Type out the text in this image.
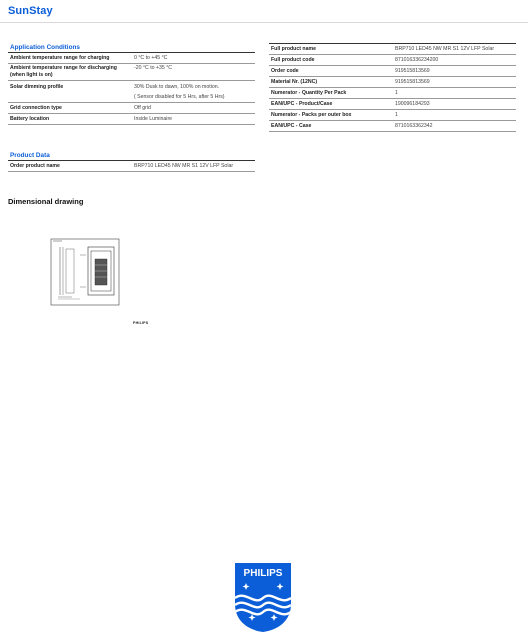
SunStay
Application Conditions
Ambient temperature range for charging	0 °C to +45 °C
Ambient temperature range for discharging (when light is on)
-20 °C to +35 °C
Solar dimming profile	30% Dusk to dawn, 100% on motion.
( Sensor disabled for 5 Hrs, after 5 Hrs)
Grid connection type	Off grid
Battery location	Inside Luminaire
Product Data
Order product name	BRP710 LED45 NW MR S1 12V LFP Solar
Full product name	BRP710 LED45 NW MR S1 12V LFP Solar
Full product code	871016336234200
Order code	919515813569
Material Nr. (12NC)	919515813569
Numerator - Quantity Per Pack	1
EAN/UPC - Product/Case	190096184293
Numerator - Packs per outer box	1
EAN/UPC - Case	8710163362342
Dimensional drawing
PHILIPS
PHILIPS
